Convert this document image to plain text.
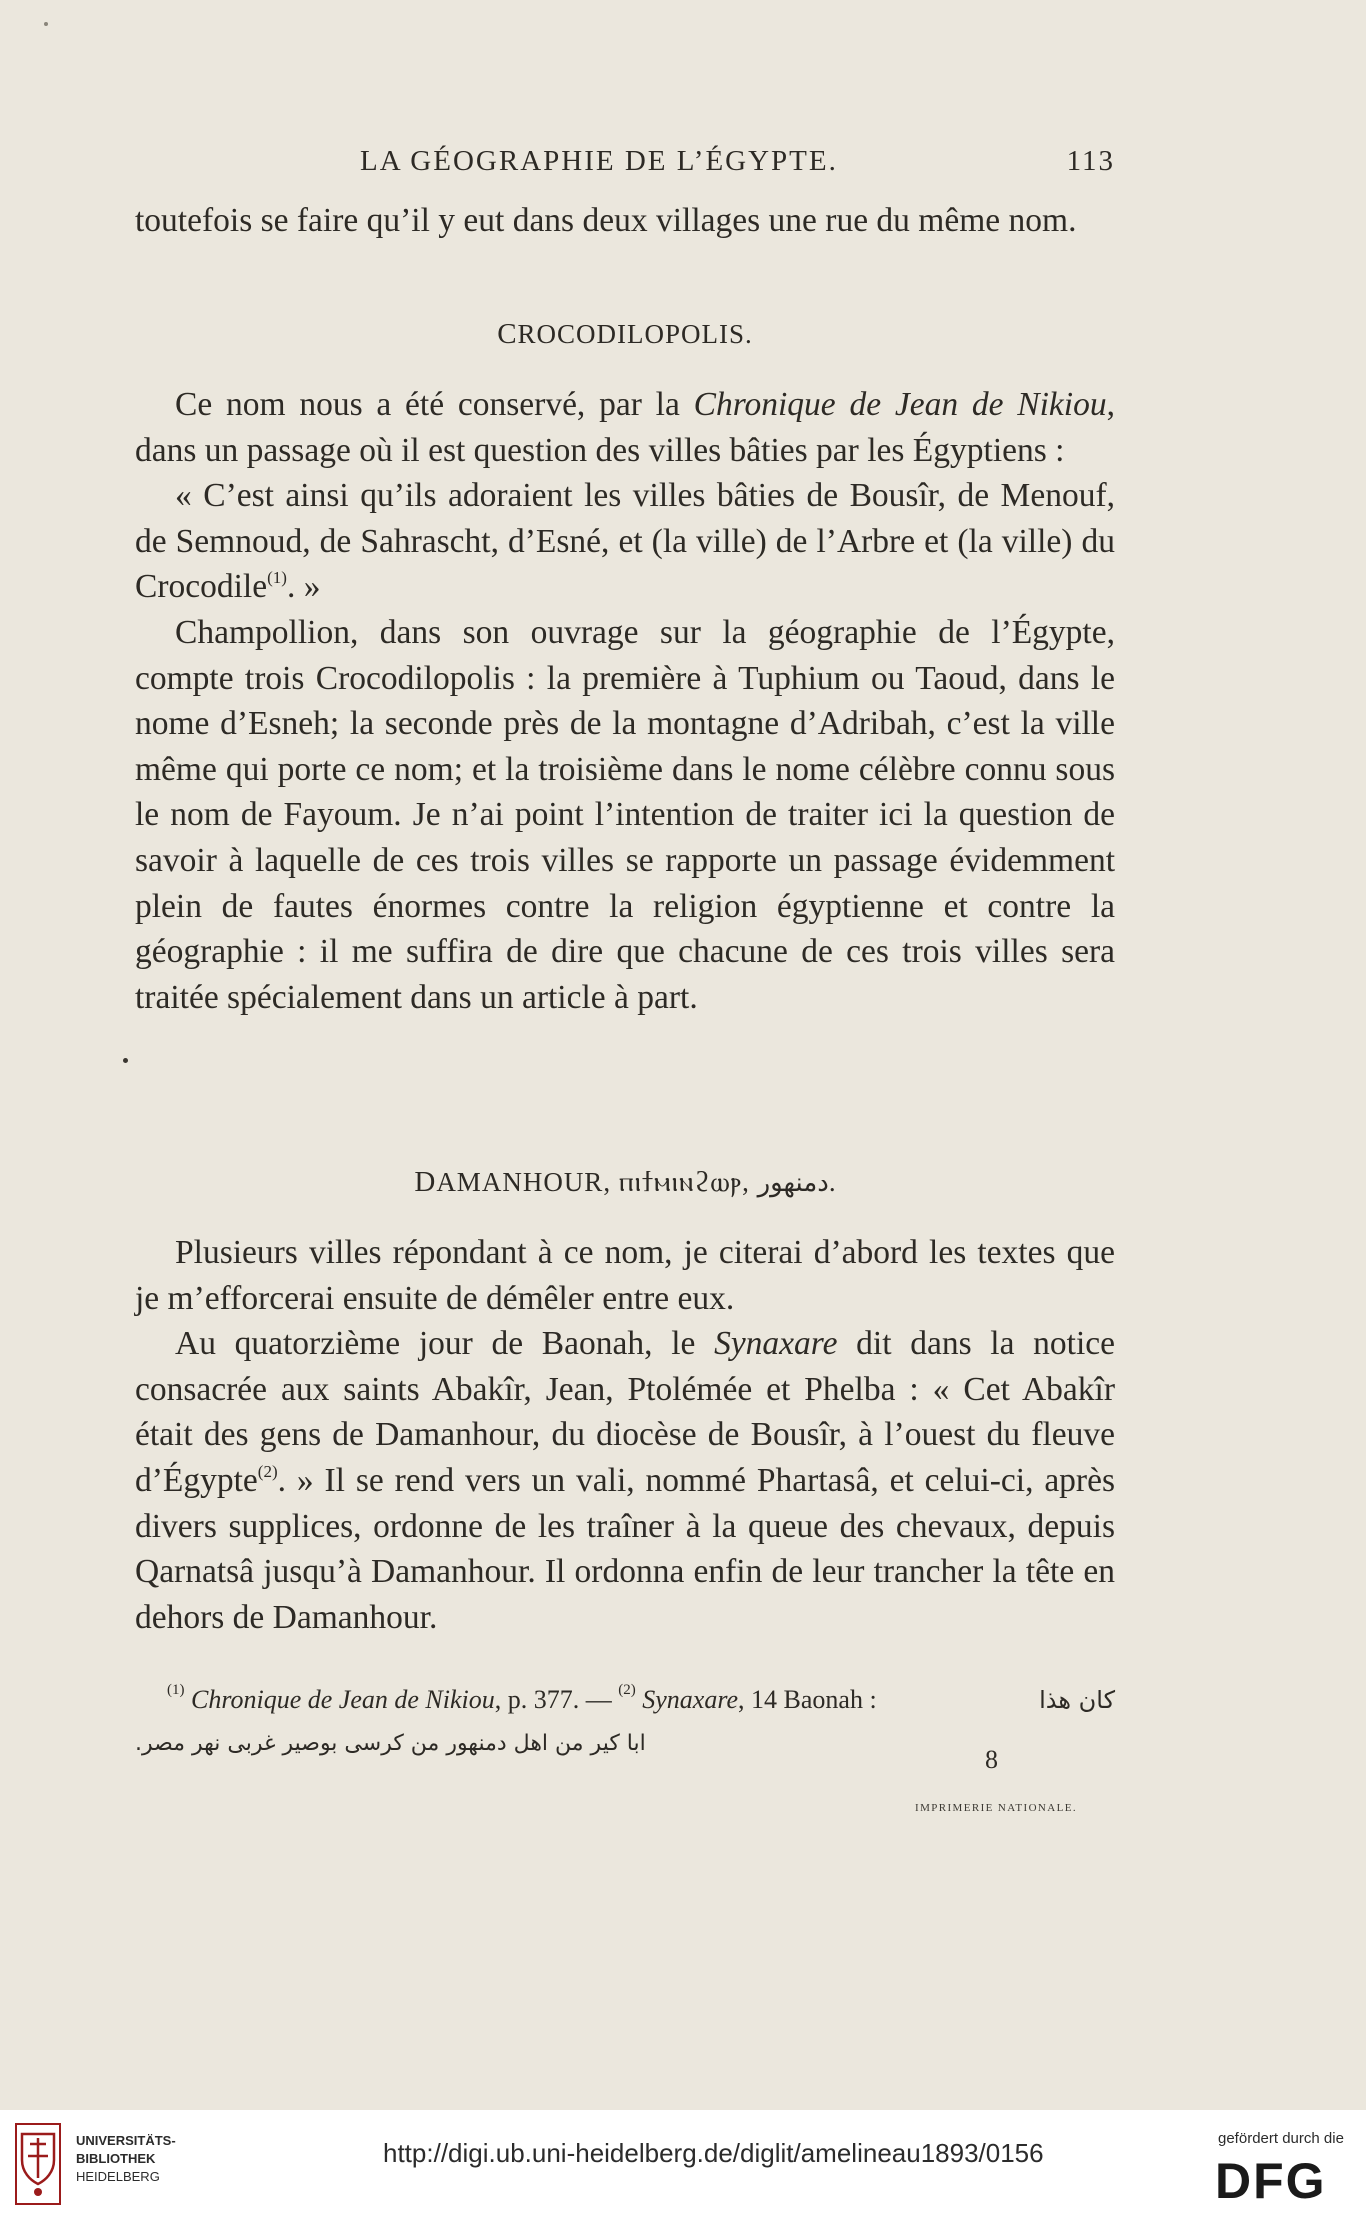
LA GÉOGRAPHIE DE L’ÉGYPTE.	113

toutefois se faire qu’il y eut dans deux villages une rue du même nom.

CROCODILOPOLIS.

Ce nom nous a été conservé, par la Chronique de Jean de Nikiou, dans un passage où il est question des villes bâties par les Égyptiens :

« C’est ainsi qu’ils adoraient les villes bâties de Bousîr, de Menouf, de Semnoud, de Sahrascht, d’Esné, et (la ville) de l’Arbre et (la ville) du Crocodile$^{(1)}$. »

Champollion, dans son ouvrage sur la géographie de l’Égypte, compte trois Crocodilopolis : la première à Tuphium ou Taoud, dans le nome d’Esneh; la seconde près de la montagne d’Adribah, c’est la ville même qui porte ce nom; et la troisième dans le nome célèbre connu sous le nom de Fayoum. Je n’ai point l’intention de traiter ici la question de savoir à laquelle de ces trois villes se rapporte un passage évidemment plein de fautes énormes contre la religion égyptienne et contre la géographie : il me suffira de dire que chacune de ces trois villes sera traitée spécialement dans un article à part.

DAMANHOUR, ⲡⲓϯⲙⲓⲛϩⲱⲣ, دمنهور.

Plusieurs villes répondant à ce nom, je citerai d’abord les textes que je m’efforcerai ensuite de démêler entre eux.

Au quatorzième jour de Baonah, le Synaxare dit dans la notice consacrée aux saints Abakîr, Jean, Ptolémée et Phelba : « Cet Abakîr était des gens de Damanhour, du diocèse de Bousîr, à l’ouest du fleuve d’Égypte$^{(2)}$. » Il se rend vers un vali, nommé Phartasâ, et celui-ci, après divers supplices, ordonne de les traîner à la queue des chevaux, depuis Qarnatsâ jusqu’à Damanhour. Il ordonna enfin de leur trancher la tête en dehors de Damanhour.

$^{(1)}$ Chronique de Jean de Nikiou, p. 377. — $^{(2)}$ Synaxare, 14 Baonah :	كان هذا
ابا كير من اهل دمنهور من كرسى بوصير غربى نهر مصر.
8
IMPRIMERIE NATIONALE.
UNIVERSITÄTS-
BIBLIOTHEK
HEIDELBERG
http://digi.ub.uni-heidelberg.de/diglit/amelineau1893/0156	gefördert durch die
DFG
